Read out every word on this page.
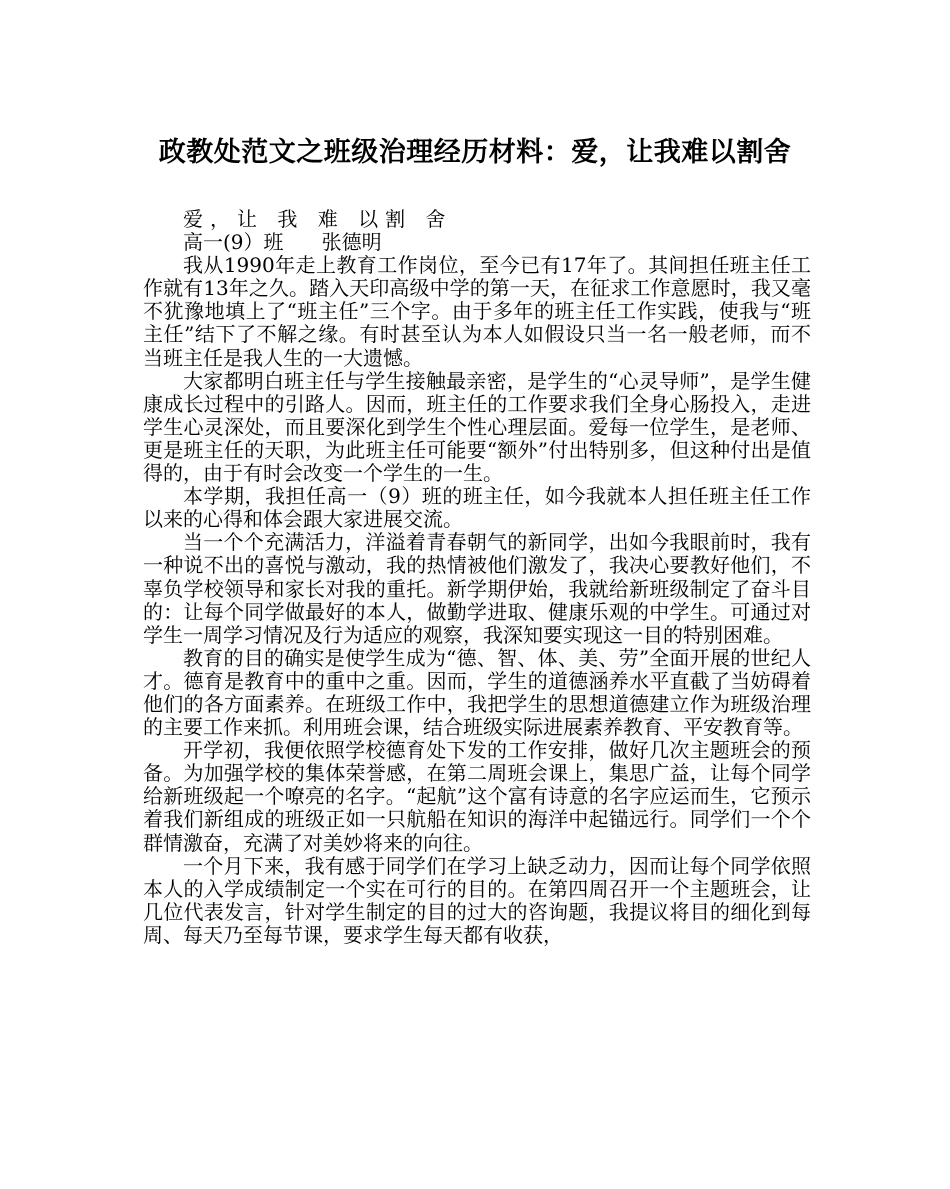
政教处范文之班级治理经历材料：爱，让我难以割舍

爱，让 我 难 以割 舍

高一(9）班      张德明

我从1990年走上教育工作岗位，至今已有17年了。其间担任班主任工作就有13年之久。踏入天印高级中学的第一天，在征求工作意愿时，我又毫不犹豫地填上了“班主任”三个字。由于多年的班主任工作实践，使我与“班主任”结下了不解之缘。有时甚至认为本人如假设只当一名一般老师，而不当班主任是我人生的一大遗憾。

大家都明白班主任与学生接触最亲密，是学生的“心灵导师”，是学生健康成长过程中的引路人。因而，班主任的工作要求我们全身心肠投入，走进学生心灵深处，而且要深化到学生个性心理层面。爱每一位学生，是老师、更是班主任的天职，为此班主任可能要“额外”付出特别多，但这种付出是值得的，由于有时会改变一个学生的一生。

本学期，我担任高一（9）班的班主任，如今我就本人担任班主任工作以来的心得和体会跟大家进展交流。

当一个个充满活力，洋溢着青春朝气的新同学，出如今我眼前时，我有一种说不出的喜悦与激动，我的热情被他们激发了，我决心要教好他们，不辜负学校领导和家长对我的重托。新学期伊始，我就给新班级制定了奋斗目的：让每个同学做最好的本人，做勤学进取、健康乐观的中学生。可通过对学生一周学习情况及行为适应的观察，我深知要实现这一目的特别困难。

教育的目的确实是使学生成为“德、智、体、美、劳”全面开展的世纪人才。德育是教育中的重中之重。因而，学生的道德涵养水平直截了当妨碍着他们的各方面素养。在班级工作中，我把学生的思想道德建立作为班级治理的主要工作来抓。利用班会课，结合班级实际进展素养教育、平安教育等。

开学初，我便依照学校德育处下发的工作安排，做好几次主题班会的预备。为加强学校的集体荣誉感，在第二周班会课上，集思广益，让每个同学给新班级起一个嘹亮的名字。“起航”这个富有诗意的名字应运而生，它预示着我们新组成的班级正如一只航船在知识的海洋中起锚远行。同学们一个个群情激奋，充满了对美妙将来的向往。

一个月下来，我有感于同学们在学习上缺乏动力，因而让每个同学依照本人的入学成绩制定一个实在可行的目的。在第四周召开一个主题班会，让几位代表发言，针对学生制定的目的过大的咨询题，我提议将目的细化到每周、每天乃至每节课，要求学生每天都有收获，
